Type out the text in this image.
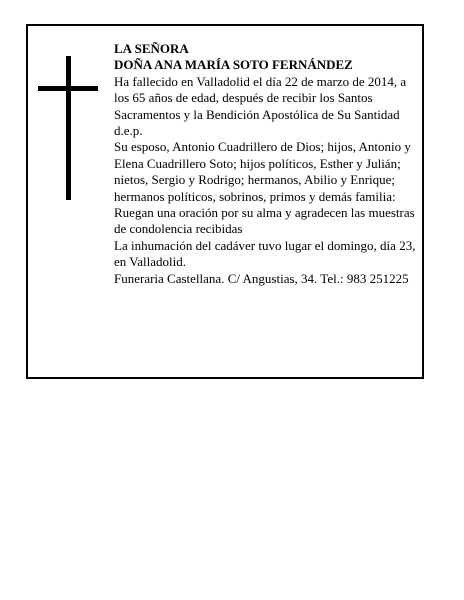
LA SEÑORA

DOÑA ANA MARÍA SOTO FERNÁNDEZ

Ha fallecido en Valladolid el día 22 de marzo de 2014, a los 65 años de edad, después de recibir los Santos Sacramentos y la Bendición Apostólica de Su Santidad d.e.p.

Su esposo, Antonio Cuadrillero de Dios; hijos, Antonio y Elena Cuadrillero Soto; hijos políticos, Esther y Julián; nietos, Sergio y Rodrigo; hermanos, Abilio y Enrique; hermanos políticos, sobrinos, primos y demás familia:

Ruegan una oración por su alma y agradecen las muestras de condolencia recibidas

La inhumación del cadáver tuvo lugar el domingo, día 23, en Valladolid.

Funeraria Castellana. C/ Angustias, 34. Tel.: 983 251225
